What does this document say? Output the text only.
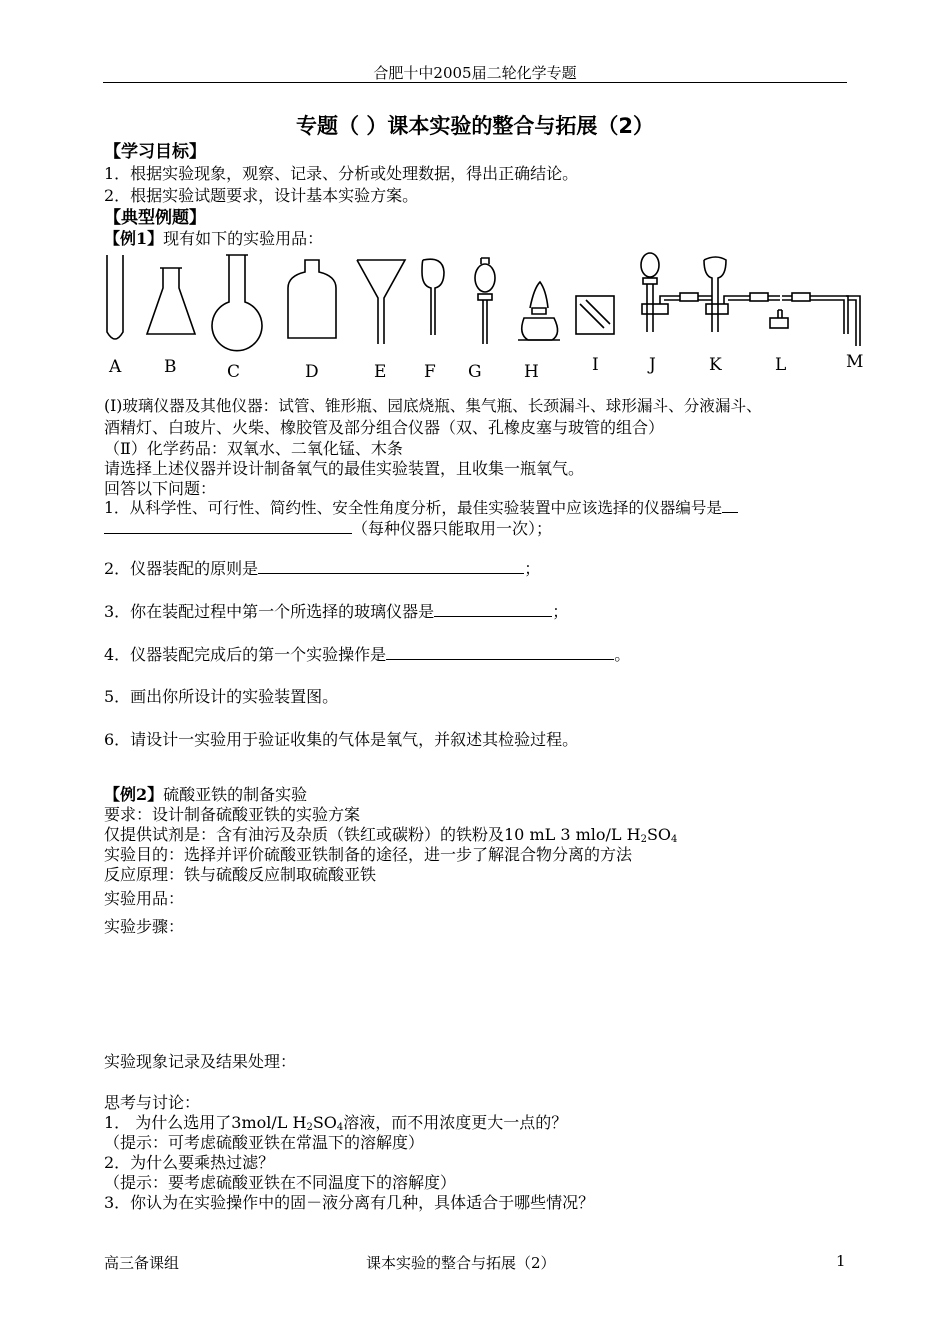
合肥十中2005届二轮化学专题
专题（ ）课本实验的整合与拓展（2）
【学习目标】
1．根据实验现象，观察、记录、分析或处理数据，得出正确结论。
2．根据实验试题要求，设计基本实验方案。
【典型例题】
【例1】现有如下的实验用品：
A	B	C	D	E F G H	I	J	K	L	M
(Ⅰ)玻璃仪器及其他仪器：试管、锥形瓶、园底烧瓶、集气瓶、长颈漏斗、球形漏斗、分液漏斗、
酒精灯、白玻片、火柴、橡胶管及部分组合仪器（双、孔橡皮塞与玻管的组合）
（Ⅱ）化学药品：双氧水、二氧化锰、木条
请选择上述仪器并设计制备氧气的最佳实验装置，且收集一瓶氧气。
回答以下问题：
1．从科学性、可行性、简约性、安全性角度分析，最佳实验装置中应该选择的仪器编号是
（每种仪器只能取用一次）；
2．仪器装配的原则是	；
3．你在装配过程中第一个所选择的玻璃仪器是	；
4．仪器装配完成后的第一个实验操作是	。
5．画出你所设计的实验装置图。
6．请设计一实验用于验证收集的气体是氧气，并叙述其检验过程。
【例2】硫酸亚铁的制备实验
要求：设计制备硫酸亚铁的实验方案
仅提供试剂是：含有油污及杂质（铁红或碳粉）的铁粉及10 mL 3 mlo/L $H_2SO_4$
实验目的：选择并评价硫酸亚铁制备的途径，进一步了解混合物分离的方法
反应原理：铁与硫酸反应制取硫酸亚铁
实验用品：
实验步骤：
实验现象记录及结果处理：
思考与讨论：
1． 为什么选用了3mol/L $H_2SO_4$溶液，而不用浓度更大一点的？
（提示：可考虑硫酸亚铁在常温下的溶解度）
2．为什么要乘热过滤？
（提示：要考虑硫酸亚铁在不同温度下的溶解度）
3．你认为在实验操作中的固－液分离有几种，具体适合于哪些情况？
高三备课组	课本实验的整合与拓展（2）	1
